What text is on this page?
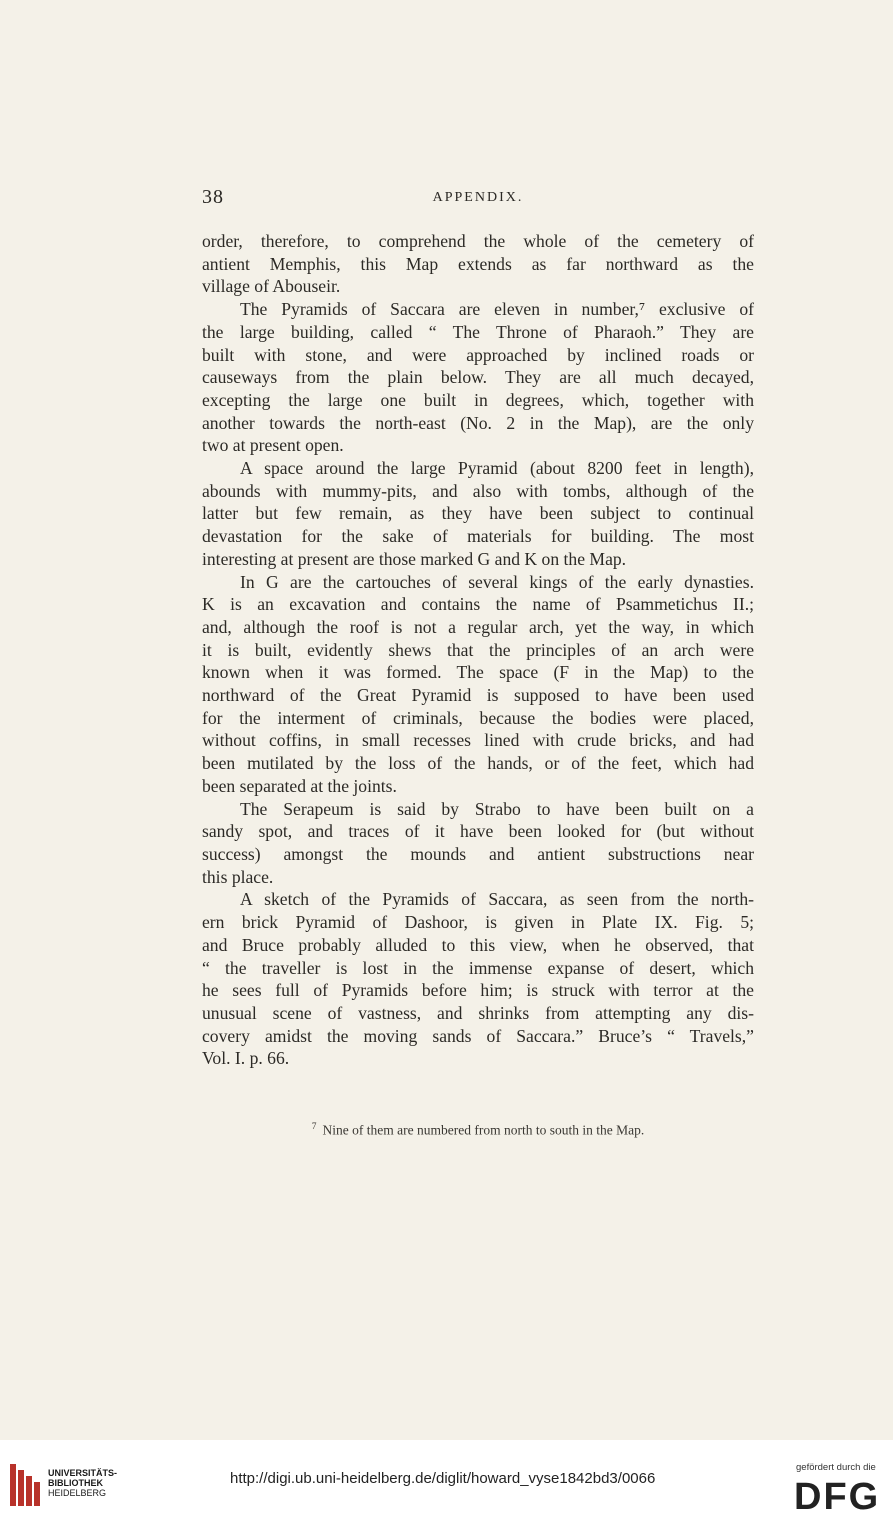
38	APPENDIX.

order, therefore, to comprehend the whole of the cemetery of
antient Memphis, this Map extends as far northward as the

village of Abouseir.

The Pyramids of Saccara are eleven in number,⁷ exclusive of
the large building, called “ The Throne of Pharaoh.” They are
built with stone, and were approached by inclined roads or
causeways from the plain below. They are all much decayed,
excepting the large one built in degrees, which, together with
another towards the north-east (No. 2 in the Map), are the only

two at present open.

A space around the large Pyramid (about 8200 feet in length),
abounds with mummy-pits, and also with tombs, although of the
latter but few remain, as they have been subject to continual
devastation for the sake of materials for building. The most

interesting at present are those marked G and K on the Map.

In G are the cartouches of several kings of the early dynasties.
K is an excavation and contains the name of Psammetichus II.;
and, although the roof is not a regular arch, yet the way, in which
it is built, evidently shews that the principles of an arch were
known when it was formed. The space (F in the Map) to the
northward of the Great Pyramid is supposed to have been used
for the interment of criminals, because the bodies were placed,
without coffins, in small recesses lined with crude bricks, and had
been mutilated by the loss of the hands, or of the feet, which had

been separated at the joints.

The Serapeum is said by Strabo to have been built on a
sandy spot, and traces of it have been looked for (but without
success) amongst the mounds and antient substructions near

this place.

A sketch of the Pyramids of Saccara, as seen from the north-
ern brick Pyramid of Dashoor, is given in Plate IX. Fig. 5;
and Bruce probably alluded to this view, when he observed, that
“ the traveller is lost in the immense expanse of desert, which
he sees full of Pyramids before him; is struck with terror at the
unusual scene of vastness, and shrinks from attempting any dis-
covery amidst the moving sands of Saccara.” Bruce’s “ Travels,”

Vol. I. p. 66.

$^7$ Nine of them are numbered from north to south in the Map.
UNIVERSITÄTS-
BIBLIOTHEK
HEIDELBERG
http://digi.ub.uni-heidelberg.de/diglit/howard_vyse1842bd3/0066
gefördert durch die
DFG
